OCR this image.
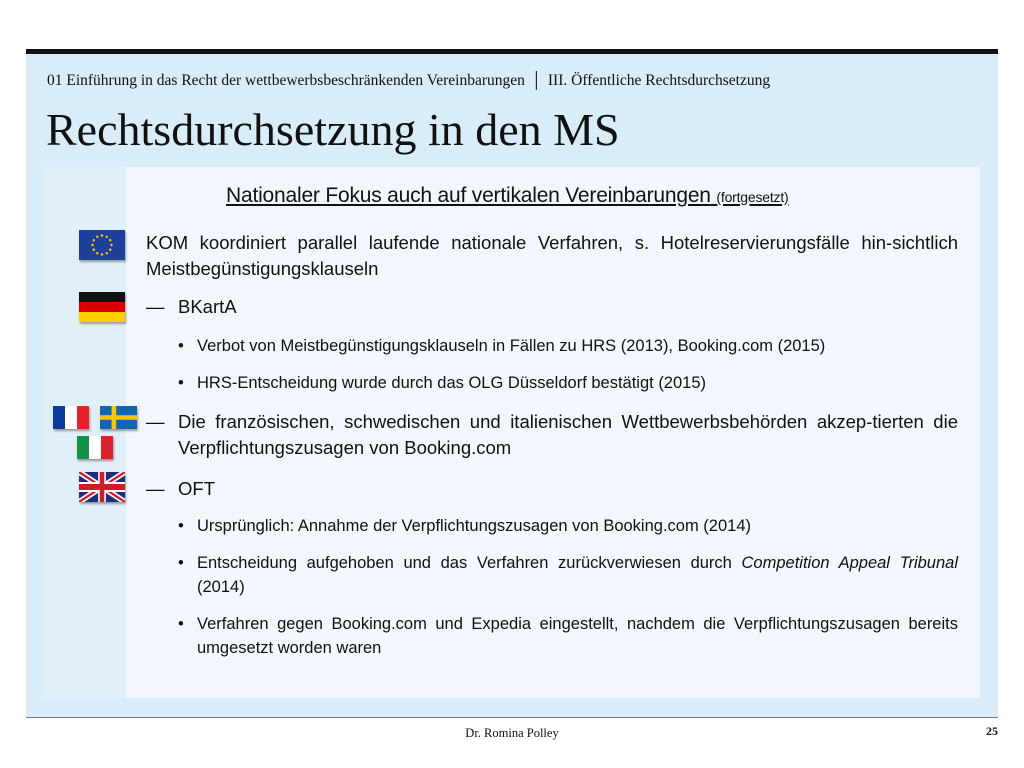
01 Einführung in das Recht der wettbewerbsbeschränkenden Vereinbarungen │ III. Öffentliche Rechtsdurchsetzung
Rechtsdurchsetzung in den MS
Nationaler Fokus auch auf vertikalen Vereinbarungen (fortgesetzt)
KOM koordiniert parallel laufende nationale Verfahren, s. Hotelreservierungsfälle hin-sichtlich Meistbegünstigungsklauseln
— BKartA
• Verbot von Meistbegünstigungsklauseln in Fällen zu HRS (2013), Booking.com (2015)
• HRS-Entscheidung wurde durch das OLG Düsseldorf bestätigt (2015)
— Die französischen, schwedischen und italienischen Wettbewerbsbehörden akzep-tierten die Verpflichtungszusagen von Booking.com
— OFT
• Ursprünglich: Annahme der Verpflichtungszusagen von Booking.com (2014)
• Entscheidung aufgehoben und das Verfahren zurückverwiesen durch Competition Appeal Tribunal (2014)
• Verfahren gegen Booking.com und Expedia eingestellt, nachdem die Verpflichtungszusagen bereits umgesetzt worden waren
Dr. Romina Polley	25
